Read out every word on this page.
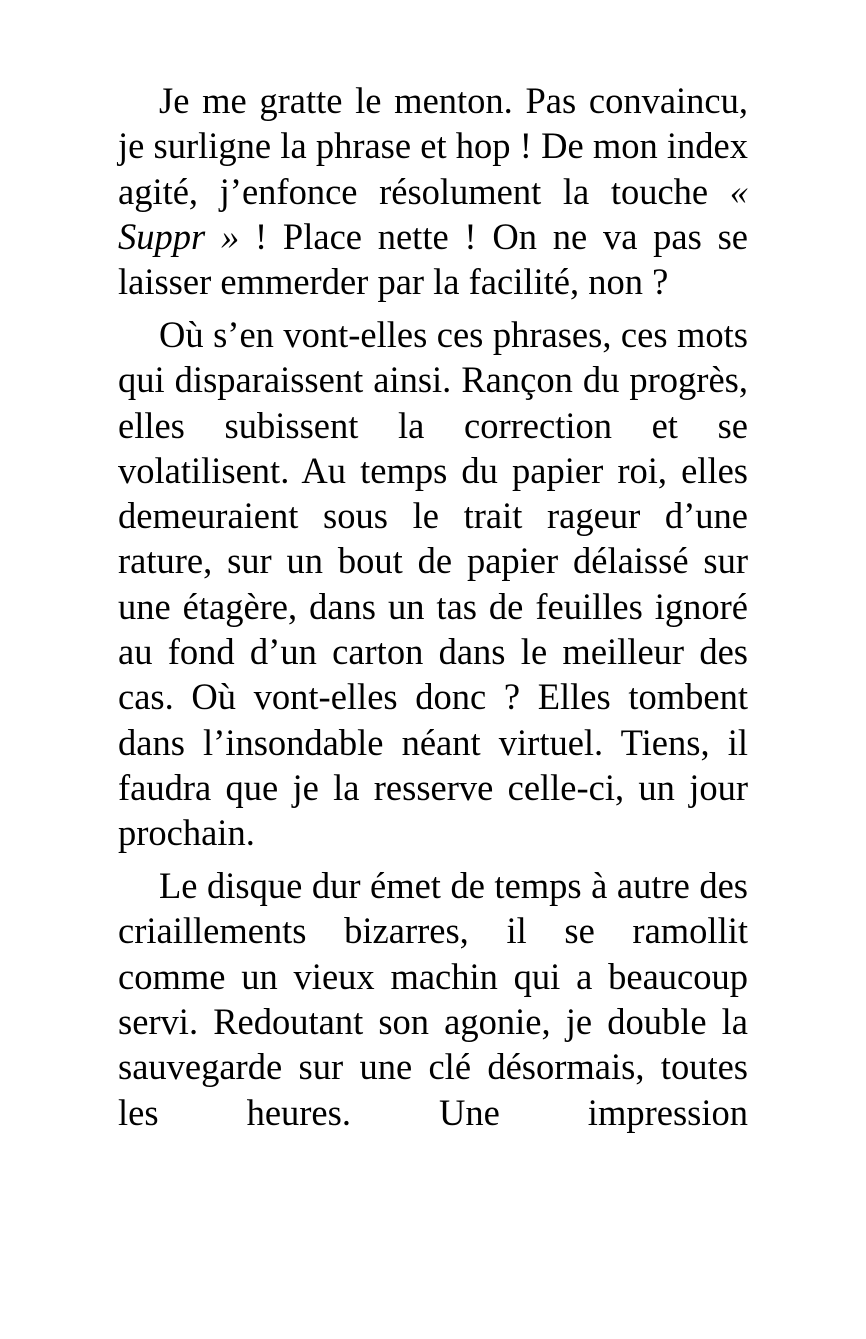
Je me gratte le menton. Pas convaincu, je surligne la phrase et hop ! De mon index agité, j’enfonce résolument la touche « Suppr » ! Place nette ! On ne va pas se laisser emmerder par la facilité, non ?

Où s’en vont-elles ces phrases, ces mots qui disparaissent ainsi. Rançon du progrès, elles subissent la correction et se volatilisent. Au temps du papier roi, elles demeuraient sous le trait rageur d’une rature, sur un bout de papier délaissé sur une étagère, dans un tas de feuilles ignoré au fond d’un carton dans le meilleur des cas. Où vont-elles donc ? Elles tombent dans l’insondable néant virtuel. Tiens, il faudra que je la resserve celle-ci, un jour prochain.

Le disque dur émet de temps à autre des criaillements bizarres, il se ramollit comme un vieux machin qui a beaucoup servi. Redoutant son agonie, je double la sauvegarde sur une clé désormais, toutes les heures. Une impression
